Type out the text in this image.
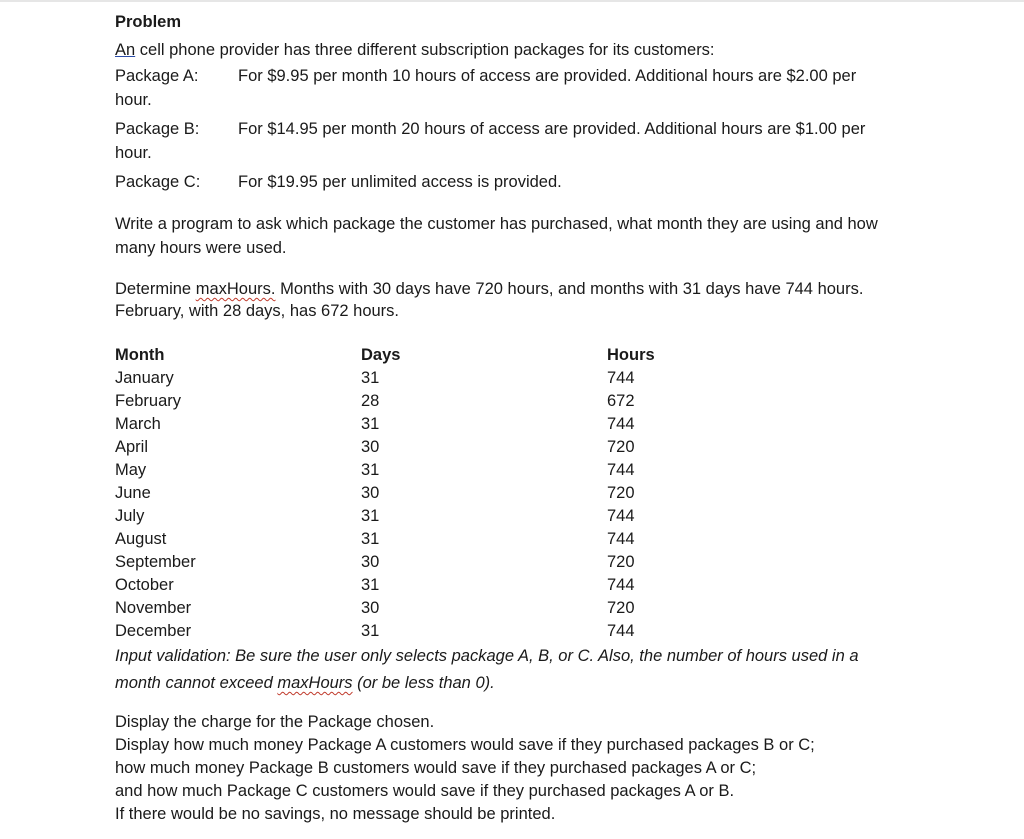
Problem

An cell phone provider has three different subscription packages for its customers:

Package A:	For $9.95 per month 10 hours of access are provided. Additional hours are $2.00 per

hour.

Package B:	For $14.95 per month 20 hours of access are provided. Additional hours are $1.00 per

hour.

Package C:	For $19.95 per unlimited access is provided.

Write a program to ask which package the customer has purchased, what month they are using and how

many hours were used.

Determine maxHours. Months with 30 days have 720 hours, and months with 31 days have 744 hours.

February, with 28 days, has 672 hours.

Month	Days	Hours
January	31	744
February	28	672
March	31	744
April	30	720
May	31	744
June	30	720
July	31	744
August	31	744
September	30	720
October	31	744
November	30	720
December	31	744

Input validation: Be sure the user only selects package A, B, or C. Also, the number of hours used in a

month cannot exceed maxHours (or be less than 0).

Display the charge for the Package chosen.

Display how much money Package A customers would save if they purchased packages B or C;

how much money Package B customers would save if they purchased packages A or C;

and how much Package C customers would save if they purchased packages A or B.

If there would be no savings, no message should be printed.
